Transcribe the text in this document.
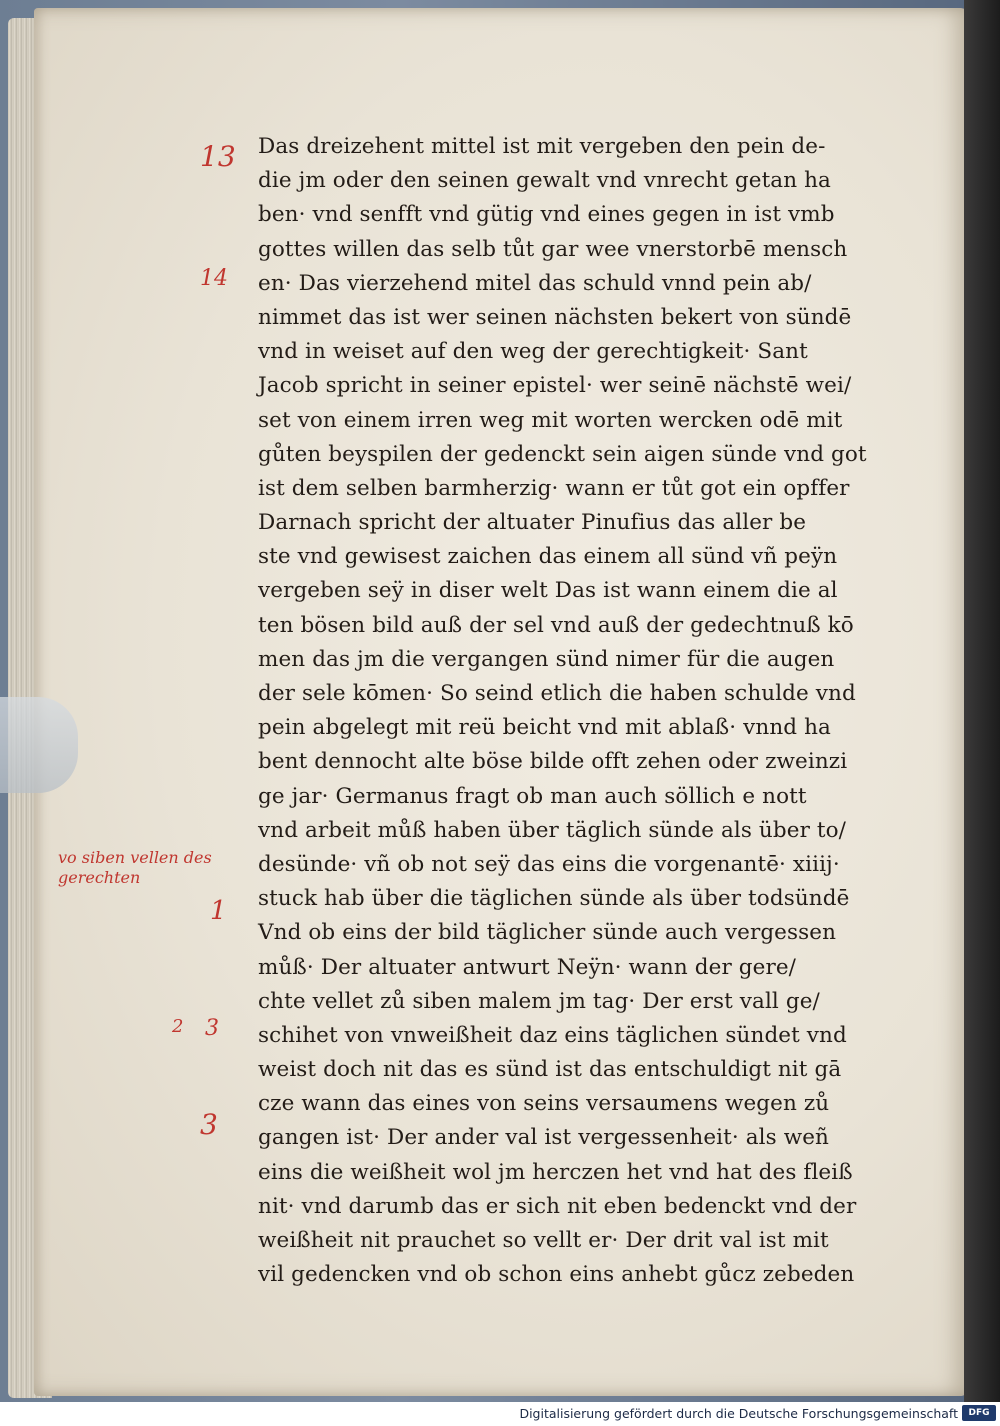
13
14
vo siben vellen des gerechten
1
2 3
3
Das dreizehent mittel ist mit vergeben den pein de-
die jm oder den seinen gewalt vnd vnrecht getan ha
ben· vnd senfft vnd gütig vnd eines gegen in ist vmb
gottes willen das selb tůt gar wee vnerstorbē mensch
en· Das vierzehend mitel das schuld vnnd pein ab/
nimmet das ist wer seinen nächsten bekert von sündē
vnd in weiset auf den weg der gerechtigkeit· Sant
Jacob spricht in seiner epistel· wer seinē nächstē wei/
set von einem irren weg mit worten wercken odē mit
gůten beyspilen der gedenckt sein aigen sünde vnd got
ist dem selben barmherzig· wann er tůt got ein opffer
Darnach spricht der altuater Pinufius das aller be
ste vnd gewisest zaichen das einem all sünd vñ peÿn
vergeben seÿ in diser welt Das ist wann einem die al
ten bösen bild auß der sel vnd auß der gedechtnuß kō
men das jm die vergangen sünd nimer für die augen
der sele kōmen· So seind etlich die haben schulde vnd
pein abgelegt mit reü beicht vnd mit ablaß· vnnd ha
bent dennocht alte böse bilde offt zehen oder zweinzi
ge jar· Germanus fragt ob man auch söllich e nott
vnd arbeit můß haben über täglich sünde als über to/
desünde· vñ ob not seÿ das eins die vorgenantē· xiiij·
stuck hab über die täglichen sünde als über todsündē
Vnd ob eins der bild täglicher sünde auch vergessen
můß· Der altuater antwurt Neÿn· wann der gere/
chte vellet zů siben malem jm tag· Der erst vall ge/
schihet von vnweißheit daz eins täglichen sündet vnd
weist doch nit das es sünd ist das entschuldigt nit gā
cze wann das eines von seins versaumens wegen zů
gangen ist· Der ander val ist vergessenheit· als weñ
eins die weißheit wol jm herczen het vnd hat des fleiß
nit· vnd darumb das er sich nit eben bedenckt vnd der
weißheit nit prauchet so vellt er· Der drit val ist mit
vil gedencken vnd ob schon eins anhebt gůcz zebeden
Digitalisierung gefördert durch die Deutsche Forschungsgemeinschaft	DFG
